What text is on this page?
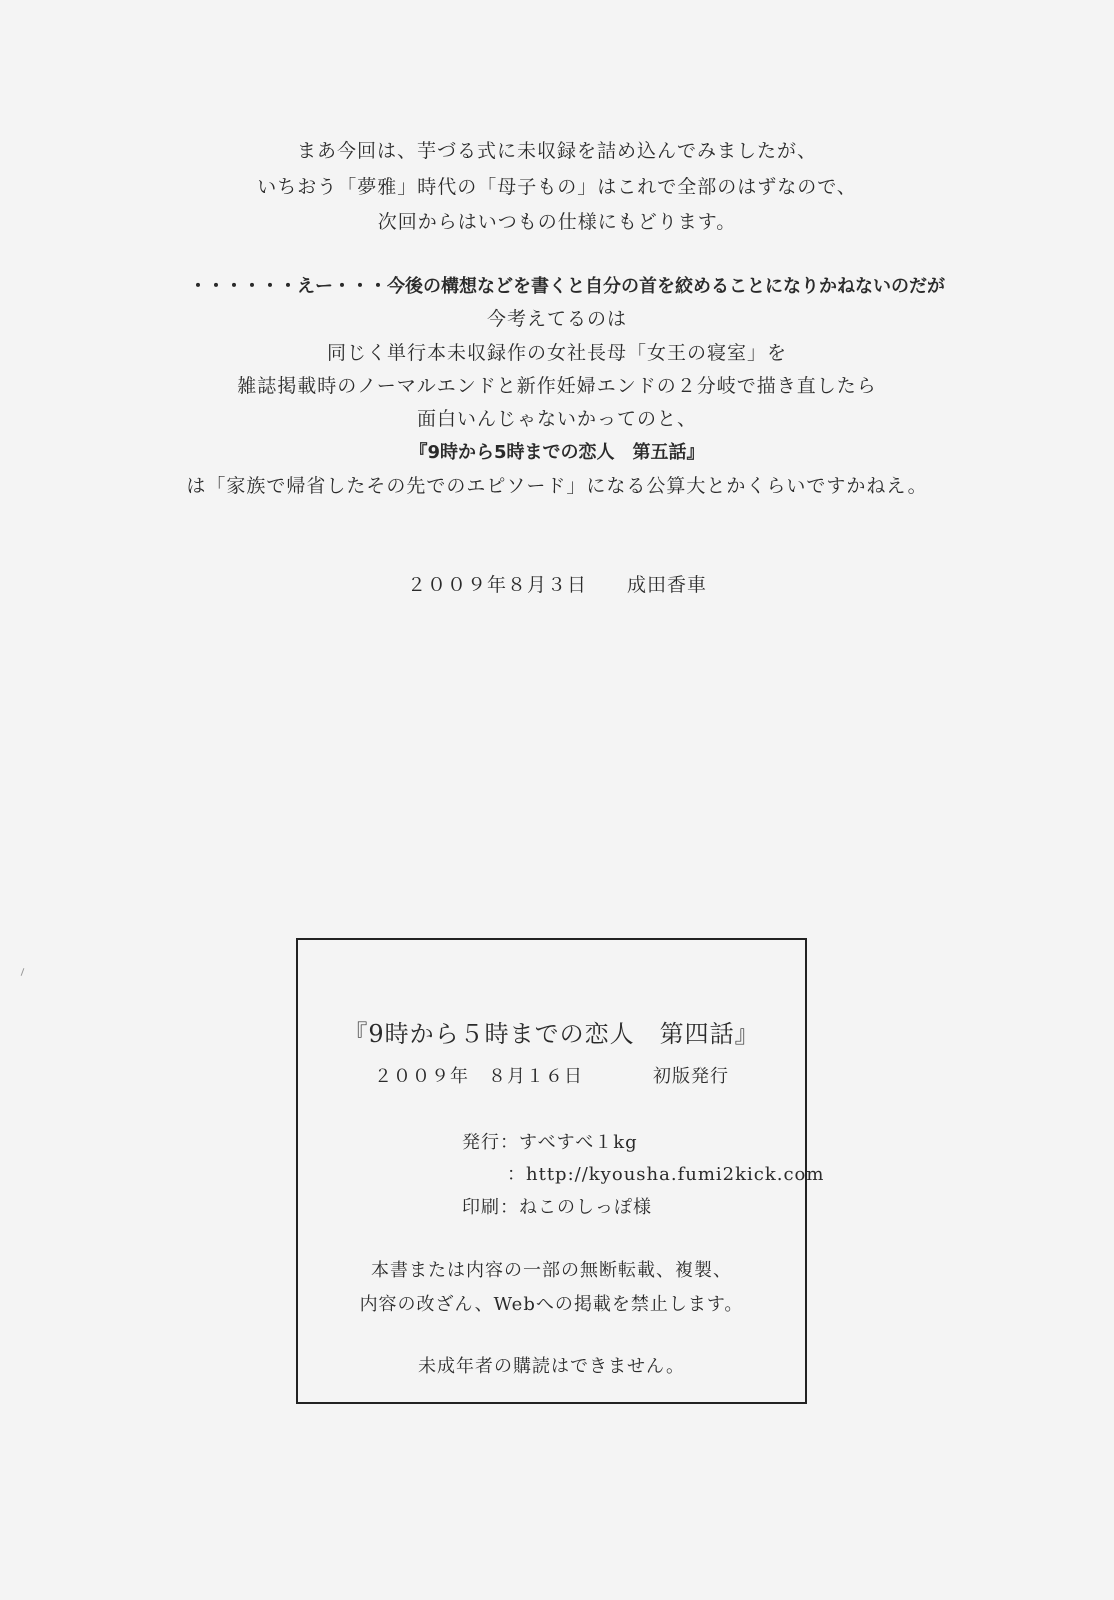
まあ今回は、芋づる式に未収録を詰め込んでみましたが、
いちおう「夢雅」時代の「母子もの」はこれで全部のはずなので、
次回からはいつもの仕様にもどります。
・・・・・・えー・・・今後の構想などを書くと自分の首を絞めることになりかねないのだが
今考えてるのは
同じく単行本未収録作の女社長母「女王の寝室」を
雑誌掲載時のノーマルエンドと新作妊婦エンドの２分岐で描き直したら
面白いんじゃないかってのと、
『9時から5時までの恋人　第五話』
は「家族で帰省したその先でのエピソード」になる公算大とかくらいですかねえ。
２００９年８月３日　　成田香車
『9時から５時までの恋人　第四話』
２００９年　８月１６日	初版発行
発行：すべすべ１kg
：http://kyousha.fumi2kick.com
印刷：ねこのしっぽ様
本書または内容の一部の無断転載、複製、
内容の改ざん、Webへの掲載を禁止します。
未成年者の購読はできません。
